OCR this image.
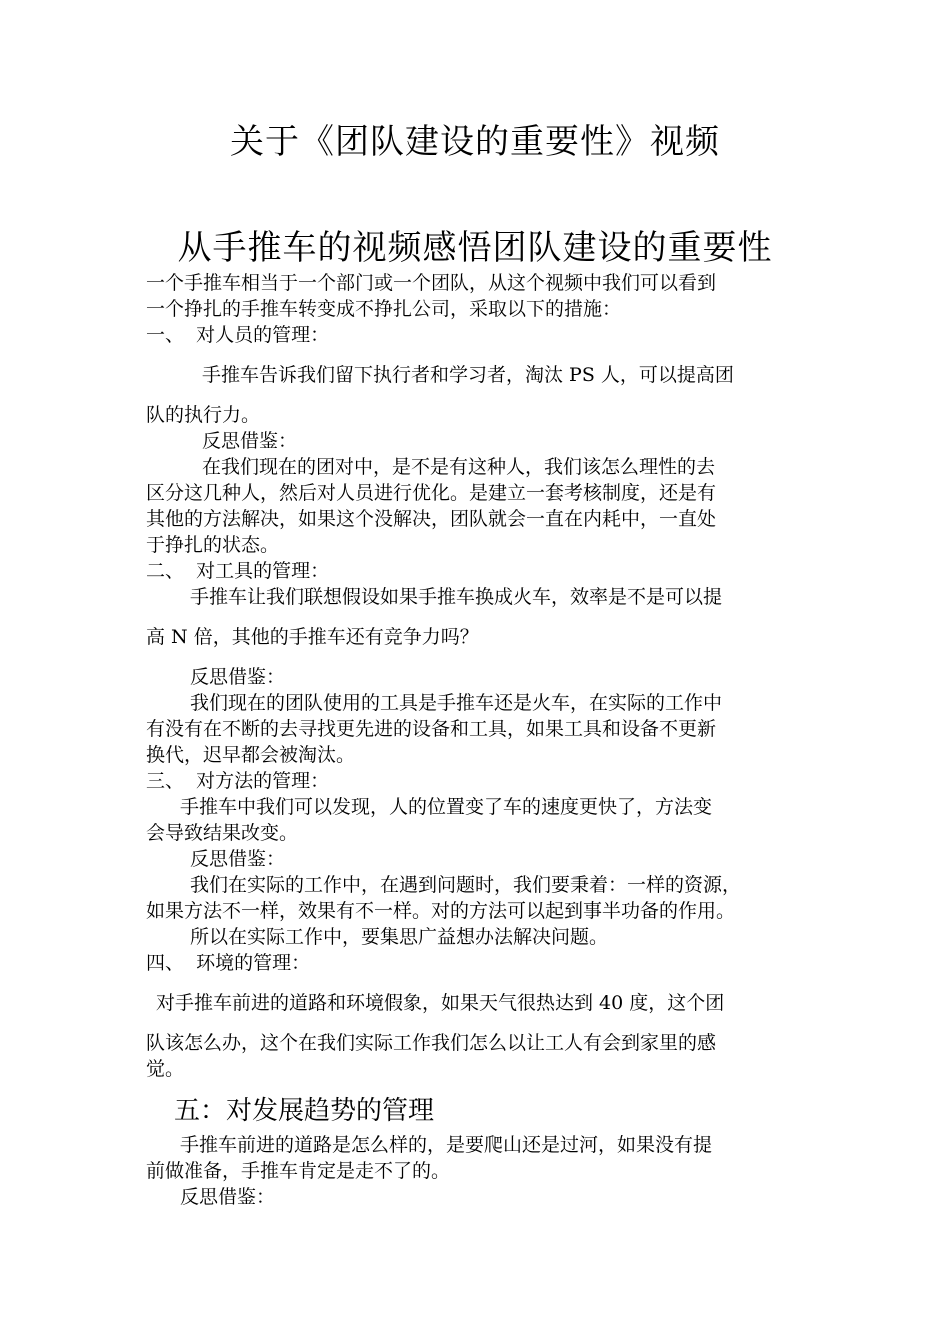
关于《团队建设的重要性》视频
从手推车的视频感悟团队建设的重要性

一个手推车相当于一个部门或一个团队，从这个视频中我们可以看到

一个挣扎的手推车转变成不挣扎公司，采取以下的措施：

一、  对人员的管理：

手推车告诉我们留下执行者和学习者，淘汰 PS 人，可以提高团

队的执行力。

反思借鉴：

在我们现在的团对中，是不是有这种人，我们该怎么理性的去

区分这几种人，然后对人员进行优化。是建立一套考核制度，还是有

其他的方法解决，如果这个没解决，团队就会一直在内耗中，一直处

于挣扎的状态。

二、  对工具的管理：

手推车让我们联想假设如果手推车换成火车，效率是不是可以提

高 N 倍，其他的手推车还有竞争力吗？

反思借鉴：

我们现在的团队使用的工具是手推车还是火车，在实际的工作中

有没有在不断的去寻找更先进的设备和工具，如果工具和设备不更新

换代，迟早都会被淘汰。

三、  对方法的管理：

手推车中我们可以发现，人的位置变了车的速度更快了，方法变

会导致结果改变。

反思借鉴：

我们在实际的工作中，在遇到问题时，我们要秉着：一样的资源，

如果方法不一样，效果有不一样。对的方法可以起到事半功备的作用。

所以在实际工作中，要集思广益想办法解决问题。

四、  环境的管理：

对手推车前进的道路和环境假象，如果天气很热达到 40 度，这个团

队该怎么办，这个在我们实际工作我们怎么以让工人有会到家里的感

觉。

五：对发展趋势的管理

手推车前进的道路是怎么样的，是要爬山还是过河，如果没有提

前做准备，手推车肯定是走不了的。

反思借鉴：
